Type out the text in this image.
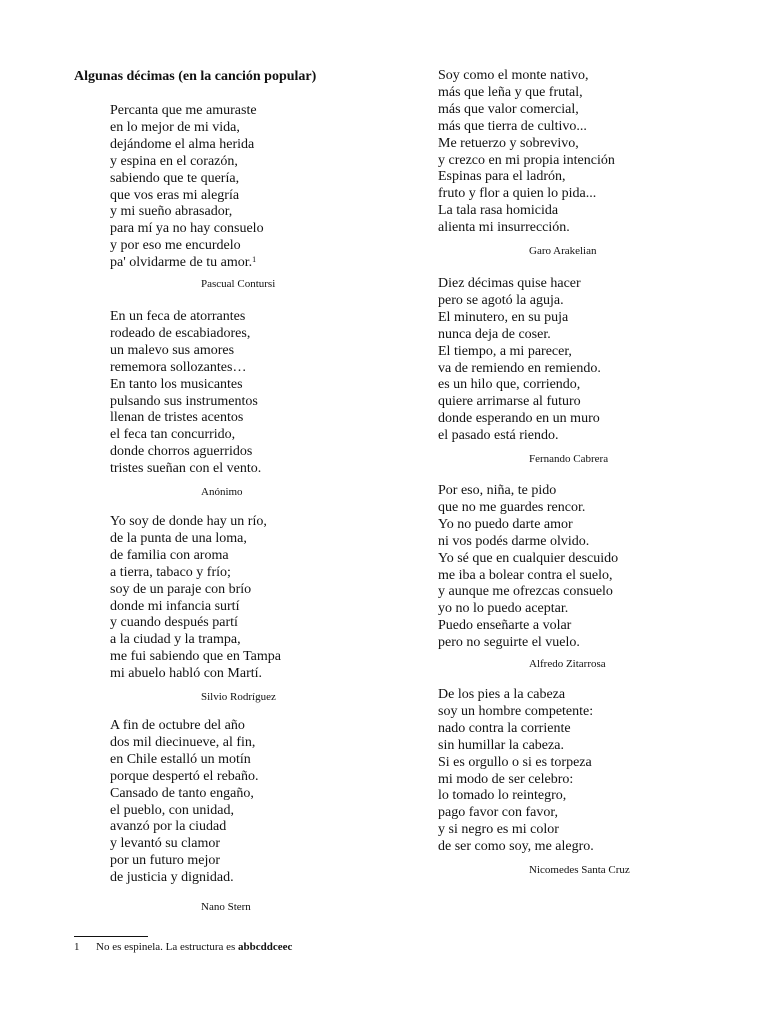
Algunas décimas (en la canción popular)
Percanta que me amuraste
en lo mejor de mi vida,
dejándome el alma herida
y espina en el corazón,
sabiendo que te quería,
que vos eras mi alegría
y mi sueño abrasador,
para mí ya no hay consuelo
y por eso me encurdelo
pa' olvidarme de tu amor.$^1$
Pascual Contursi
En un feca de atorrantes
rodeado de escabiadores,
un malevo sus amores
rememora sollozantes…
En tanto los musicantes
pulsando sus instrumentos
llenan de tristes acentos
el feca tan concurrido,
donde chorros aguerridos
tristes sueñan con el vento.
Anónimo
Yo soy de donde hay un río,
de la punta de una loma,
de familia con aroma
a tierra, tabaco y frío;
soy de un paraje con brío
donde mi infancia surtí
y cuando después partí
a la ciudad y la trampa,
me fui sabiendo que en Tampa
mi abuelo habló con Martí.
Silvio Rodríguez
A fin de octubre del año
dos mil diecinueve, al fin,
en Chile estalló un motín
porque despertó el rebaño.
Cansado de tanto engaño,
el pueblo, con unidad,
avanzó por la ciudad
y levantó su clamor
por un futuro mejor
de justicia y dignidad.
Nano Stern
Soy como el monte nativo,
más que leña y que frutal,
más que valor comercial,
más que tierra de cultivo...
Me retuerzo y sobrevivo,
y crezco en mi propia intención
Espinas para el ladrón,
fruto y flor a quien lo pida...
La tala rasa homicida
alienta mi insurrección.
Garo Arakelian
Diez décimas quise hacer
pero se agotó la aguja.
El minutero, en su puja
nunca deja de coser.
El tiempo, a mi parecer,
va de remiendo en remiendo.
es un hilo que, corriendo,
quiere arrimarse al futuro
donde esperando en un muro
el pasado está riendo.
Fernando Cabrera
Por eso, niña, te pido
que no me guardes rencor.
Yo no puedo darte amor
ni vos podés darme olvido.
Yo sé que en cualquier descuido
me iba a bolear contra el suelo,
y aunque me ofrezcas consuelo
yo no lo puedo aceptar.
Puedo enseñarte a volar
pero no seguirte el vuelo.
Alfredo Zitarrosa
De los pies a la cabeza
soy un hombre competente:
nado contra la corriente
sin humillar la cabeza.
Si es orgullo o si es torpeza
mi modo de ser celebro:
lo tomado lo reintegro,
pago favor con favor,
y si negro es mi color
de ser como soy, me alegro.
Nicomedes Santa Cruz
1 No es espinela. La estructura es abbcddceec
